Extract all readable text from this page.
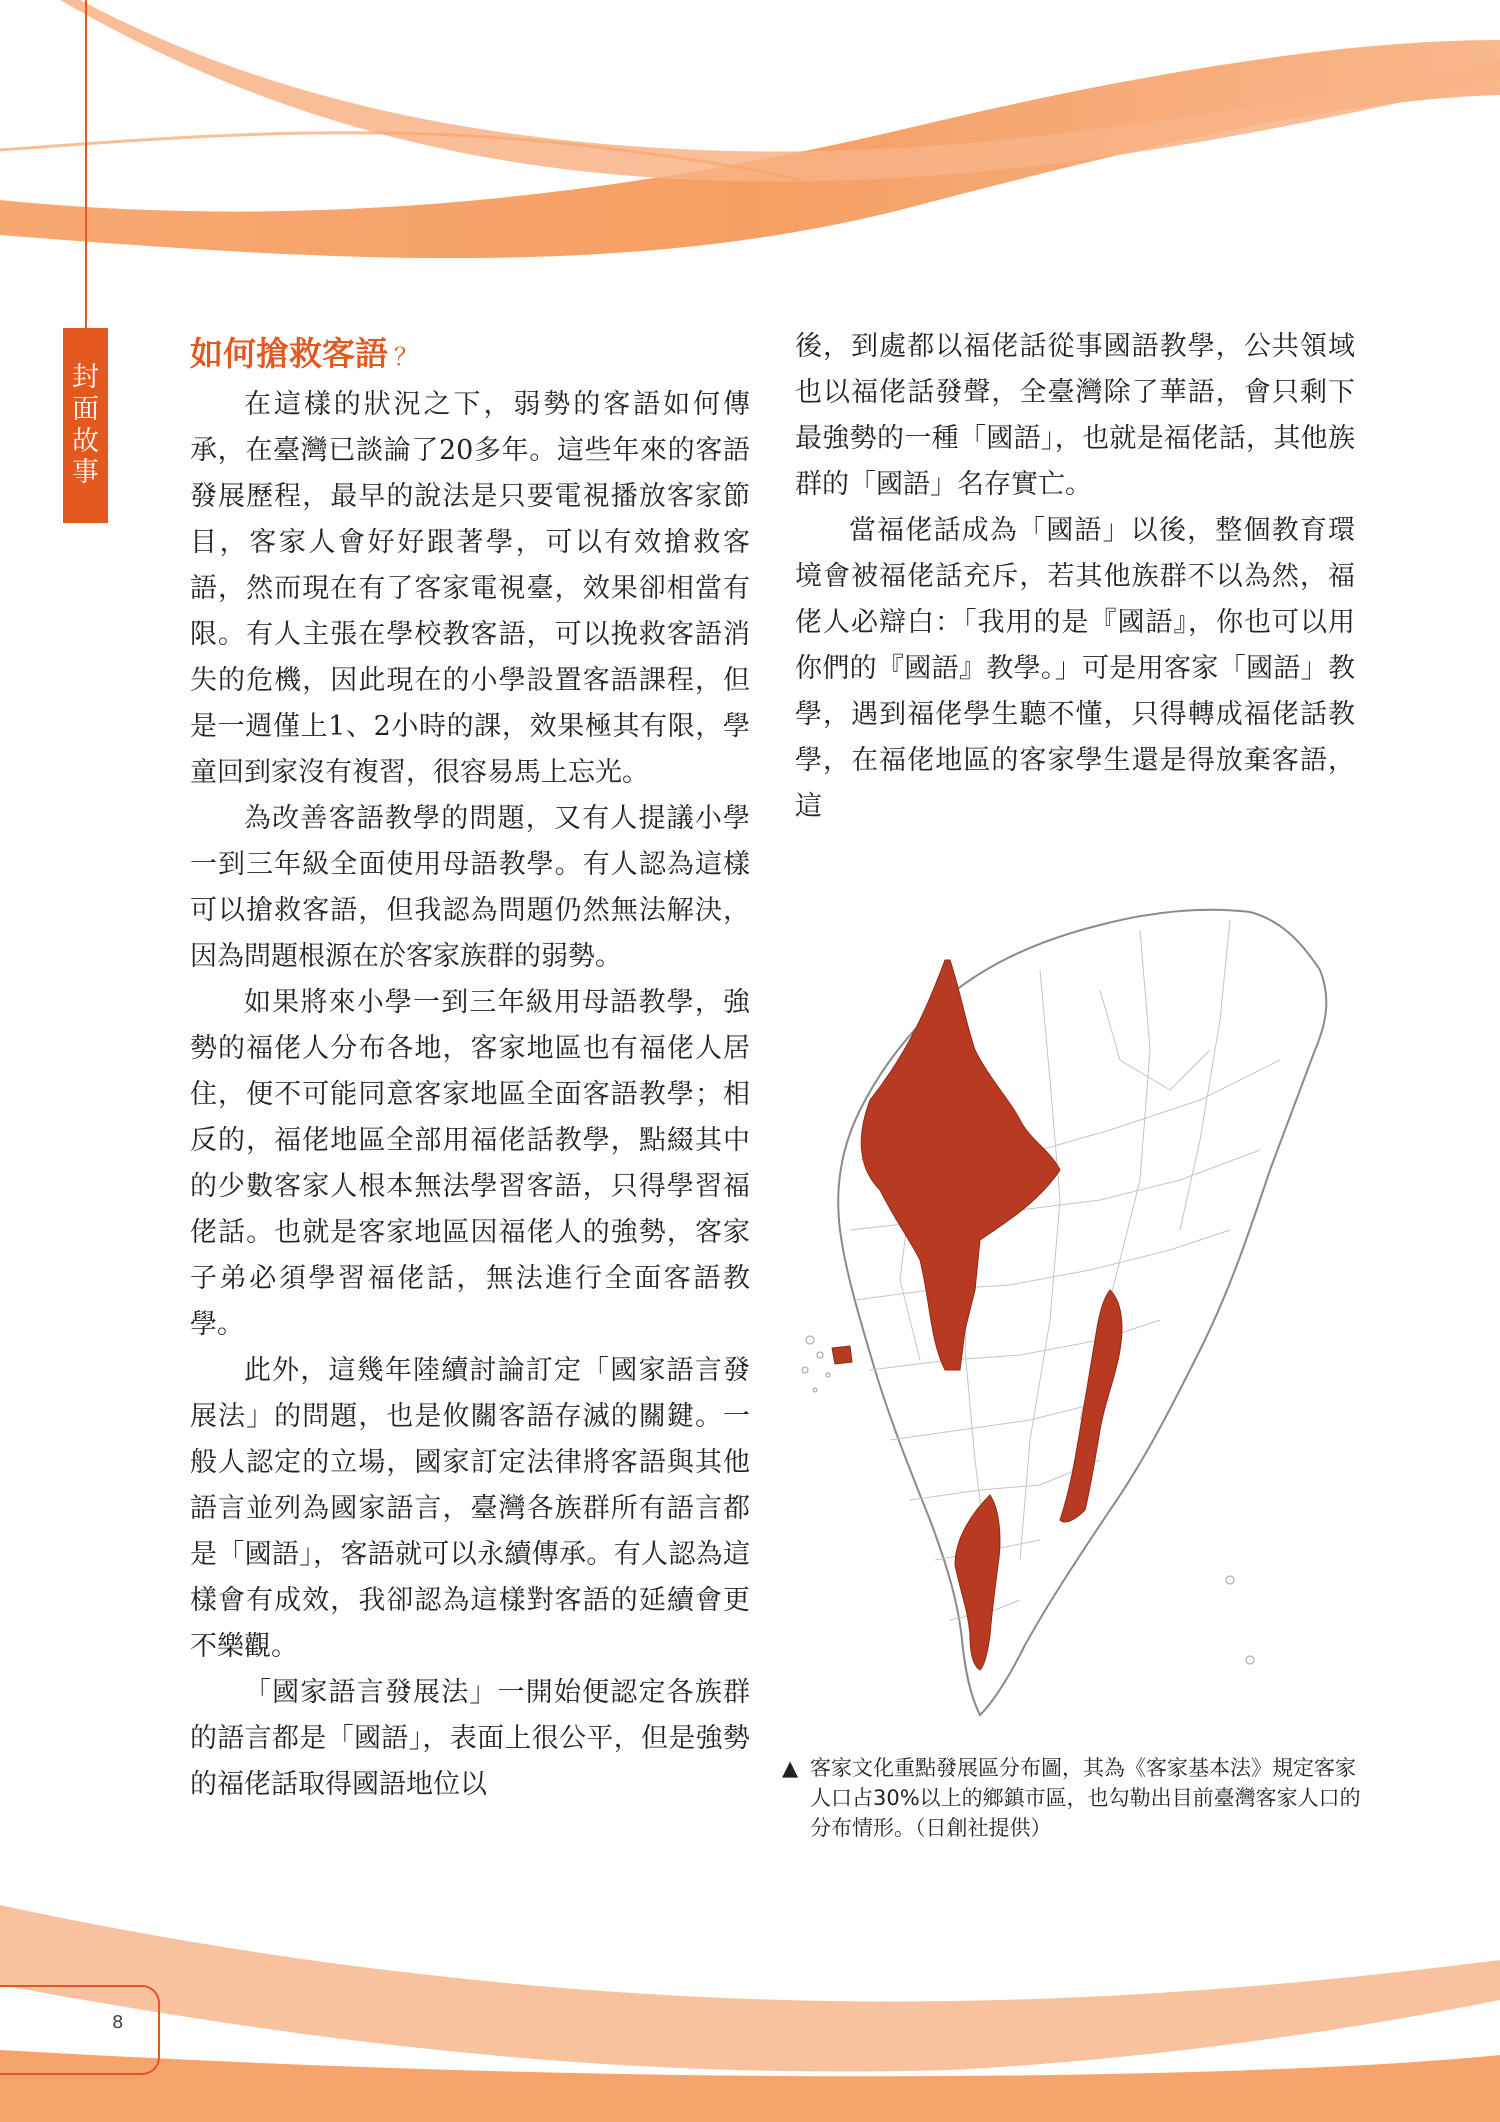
封
面
故
事
如何搶救客語 ？

在這樣的狀況之下，弱勢的客語如何傳承，在臺灣已談論了20多年。這些年來的客語發展歷程，最早的說法是只要電視播放客家節目，客家人會好好跟著學，可以有效搶救客語，然而現在有了客家電視臺，效果卻相當有限。有人主張在學校教客語，可以挽救客語消失的危機，因此現在的小學設置客語課程，但是一週僅上1、2小時的課，效果極其有限，學童回到家沒有複習，很容易馬上忘光。

為改善客語教學的問題，又有人提議小學一到三年級全面使用母語教學。有人認為這樣可以搶救客語，但我認為問題仍然無法解決，因為問題根源在於客家族群的弱勢。

如果將來小學一到三年級用母語教學，強勢的福佬人分布各地，客家地區也有福佬人居住，便不可能同意客家地區全面客語教學；相反的，福佬地區全部用福佬話教學，點綴其中的少數客家人根本無法學習客語，只得學習福佬話。也就是客家地區因福佬人的強勢，客家子弟必須學習福佬話，無法進行全面客語教學。

此外，這幾年陸續討論訂定「國家語言發展法」的問題，也是攸關客語存滅的關鍵。一般人認定的立場，國家訂定法律將客語與其他語言並列為國家語言，臺灣各族群所有語言都是「國語」，客語就可以永續傳承。有人認為這樣會有成效，我卻認為這樣對客語的延續會更不樂觀。

「國家語言發展法」一開始便認定各族群的語言都是「國語」，表面上很公平，但是強勢的福佬話取得國語地位以

後，到處都以福佬話從事國語教學，公共領域也以福佬話發聲，全臺灣除了華語，會只剩下最強勢的一種「國語」，也就是福佬話，其他族群的「國語」名存實亡。

當福佬話成為「國語」以後，整個教育環境會被福佬話充斥，若其他族群不以為然，福佬人必辯白：「我用的是『國語』，你也可以用你們的『國語』教學。」可是用客家「國語」教學，遇到福佬學生聽不懂，只得轉成福佬話教學，在福佬地區的客家學生還是得放棄客語，這

▲ 客家文化重點發展區分布圖，其為《客家基本法》規定客家人口占30%以上的鄉鎮市區，也勾勒出目前臺灣客家人口的分布情形。（日創社提供）
8
